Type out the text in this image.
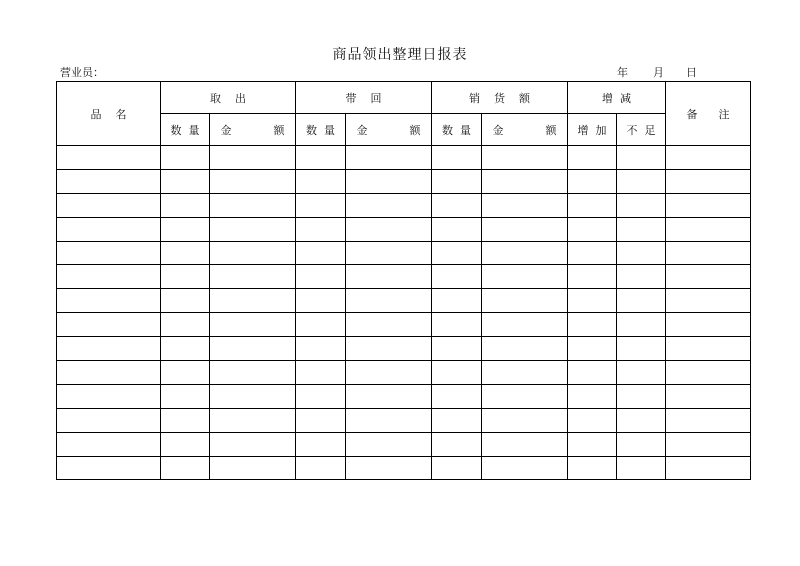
商品领出整理日报表
营业员：	年 月 日
品    名	取    出		带    回		销    货    额		增  减		备      注
	数  量	金            额	数  量	金            额	数  量	金            额	增  加	不  足	
